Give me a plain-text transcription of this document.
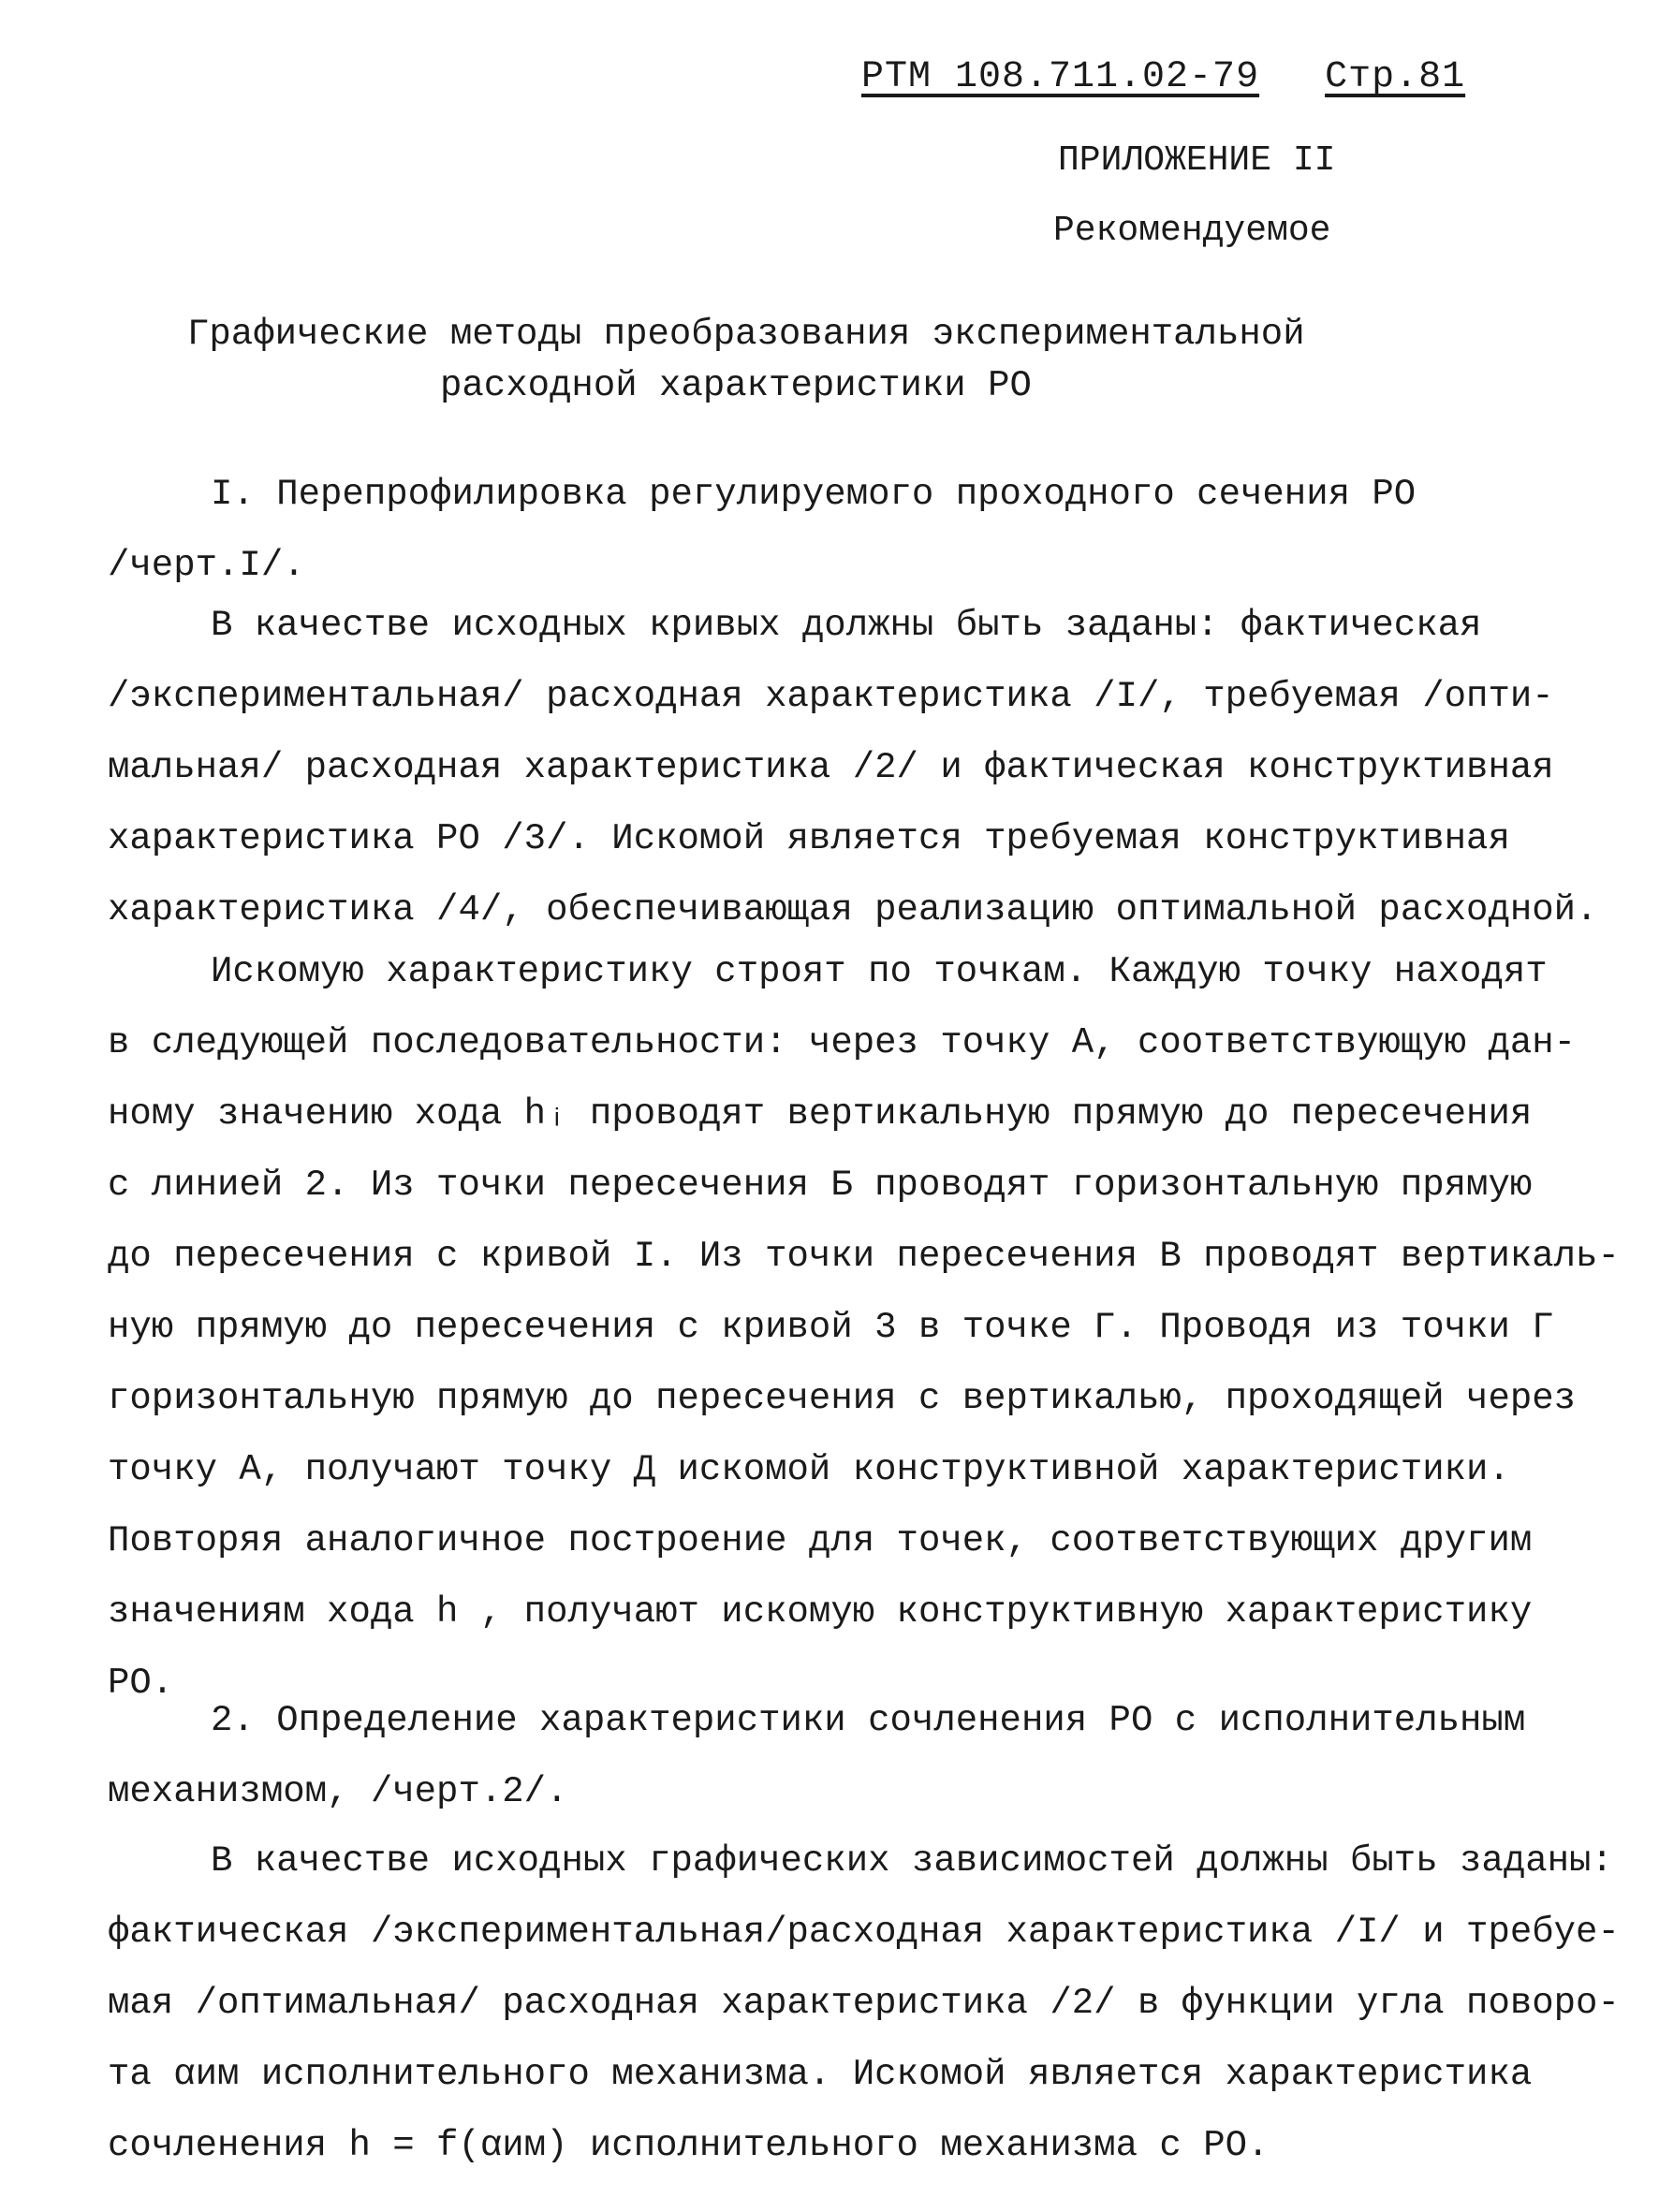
РТМ 108.711.02-79 Стр.81
ПРИЛОЖЕНИЕ II
Рекомендуемое
Графические методы преобразования экспериментальной
расходной характеристики РО
I. Перепрофилировка регулируемого проходного сечения РО
/черт.I/.
В качестве исходных кривых должны быть заданы: фактическая
/экспериментальная/ расходная характеристика /I/, требуемая /опти-
мальная/ расходная характеристика /2/ и фактическая конструктивная
характеристика РО /3/. Искомой является требуемая конструктивная
характеристика /4/, обеспечивающая реализацию оптимальной расходной.
Искомую характеристику строят по точкам. Каждую точку находят
в следующей последовательности: через точку А, соответствующую дан-
ному значению хода hᵢ проводят вертикальную прямую до пересечения
с линией 2. Из точки пересечения Б проводят горизонтальную прямую
до пересечения с кривой I. Из точки пересечения В проводят вертикаль-
ную прямую до пересечения с кривой 3 в точке Г. Проводя из точки Г
горизонтальную прямую до пересечения с вертикалью, проходящей через
точку А, получают точку Д искомой конструктивной характеристики.
Повторяя аналогичное построение для точек, соответствующих другим
значениям хода h , получают искомую конструктивную характеристику
РО.
2. Определение характеристики сочленения РО с исполнительным
механизмом, /черт.2/.
В качестве исходных графических зависимостей должны быть заданы:
фактическая /экспериментальная/расходная характеристика /I/ и требуе-
мая /оптимальная/ расходная характеристика /2/ в функции угла поворо-
та αим исполнительного механизма. Искомой является характеристика
сочленения h = f(αим) исполнительного механизма с РО.
